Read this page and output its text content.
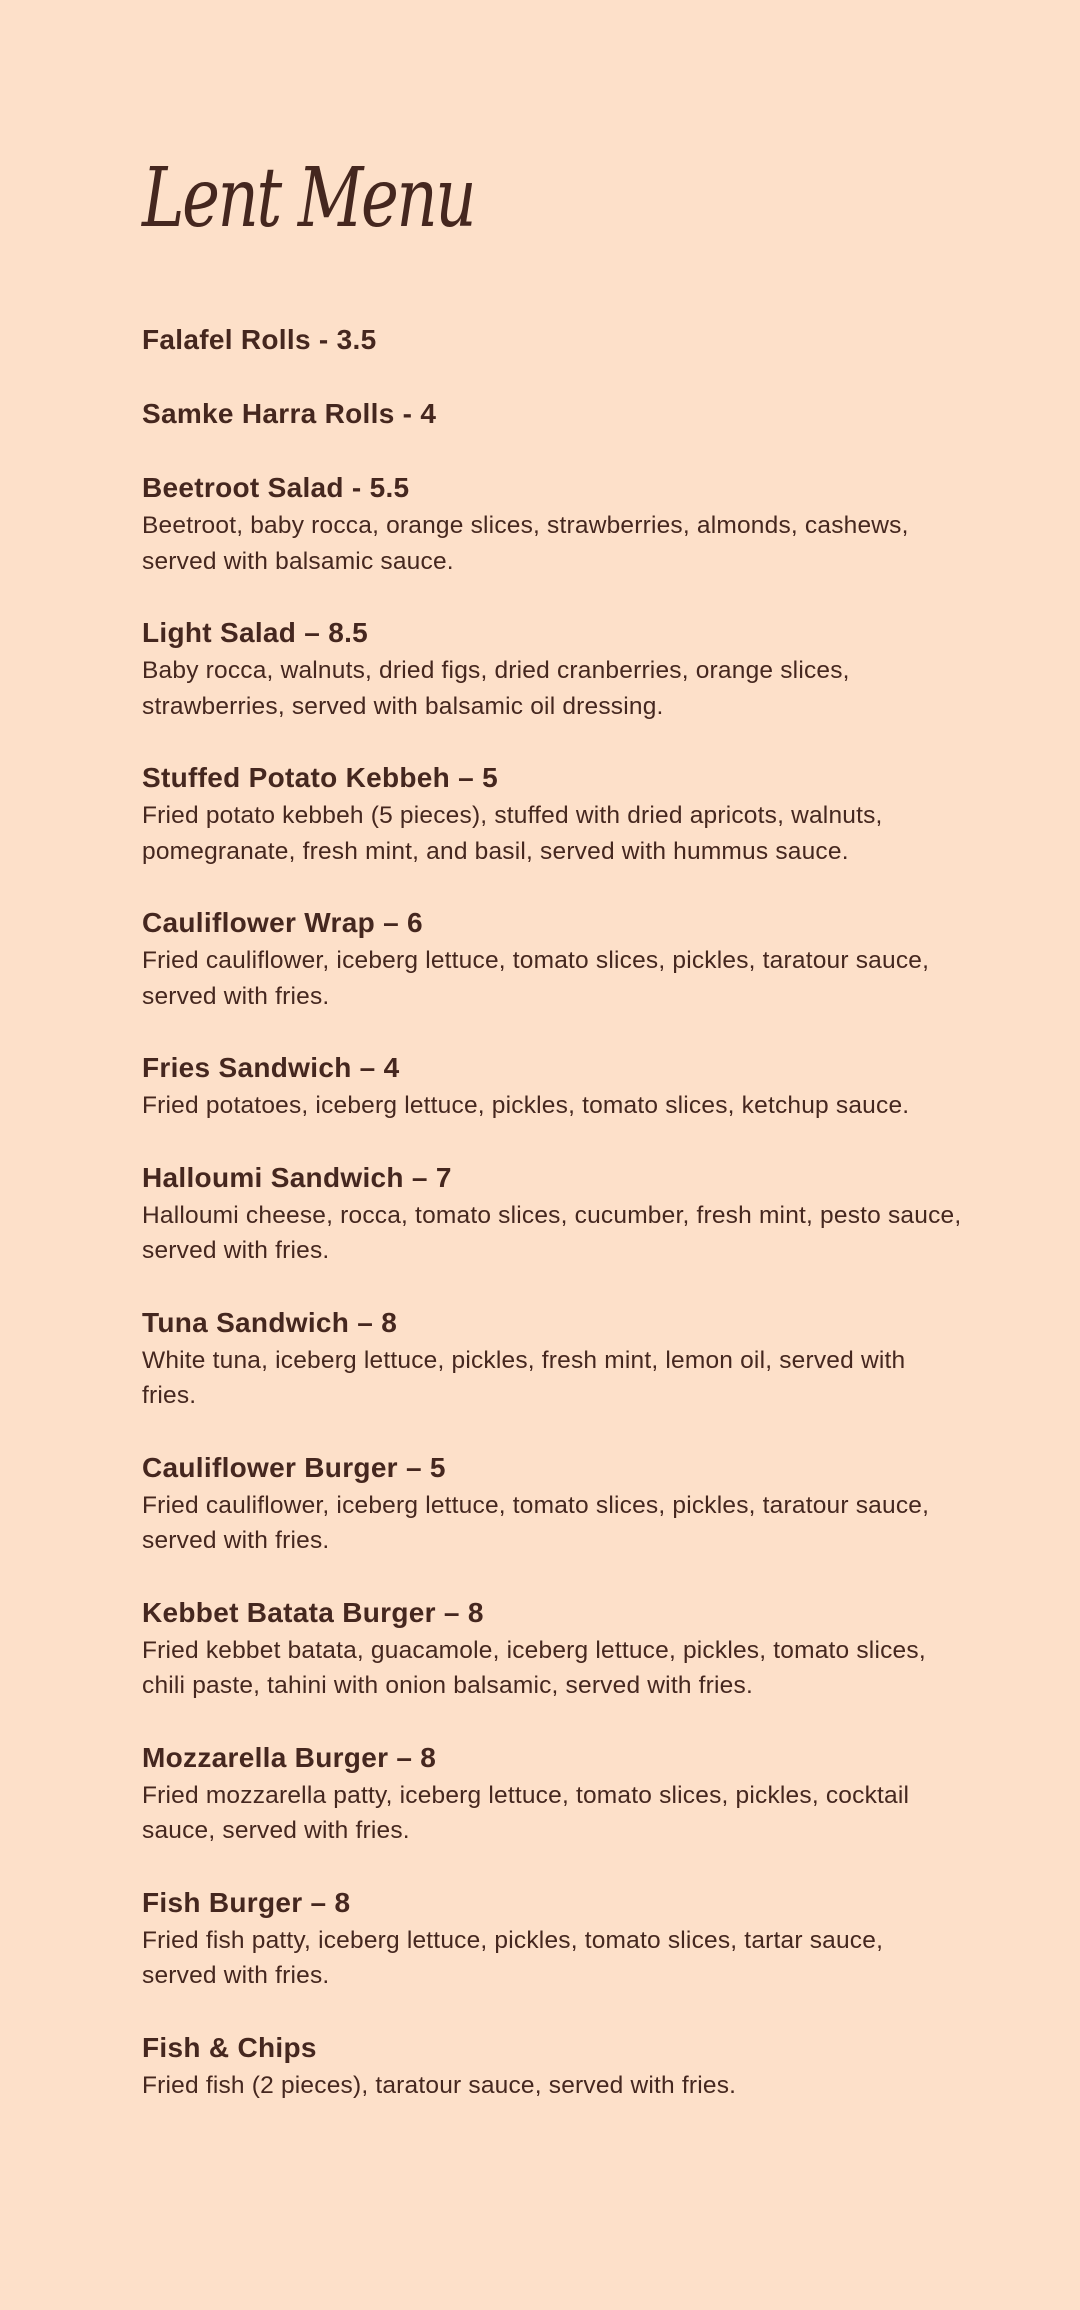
Lent Menu
Falafel Rolls - 3.5
Samke Harra Rolls - 4
Beetroot Salad - 5.5
Beetroot, baby rocca, orange slices, strawberries, almonds, cashews, served with balsamic sauce.
Light Salad – 8.5
Baby rocca, walnuts, dried figs, dried cranberries, orange slices, strawberries, served with balsamic oil dressing.
Stuffed Potato Kebbeh – 5
Fried potato kebbeh (5 pieces), stuffed with dried apricots, walnuts, pomegranate, fresh mint, and basil, served with hummus sauce.
Cauliflower Wrap – 6
Fried cauliflower, iceberg lettuce, tomato slices, pickles, taratour sauce, served with fries.
Fries Sandwich – 4
Fried potatoes, iceberg lettuce, pickles, tomato slices, ketchup sauce.
Halloumi Sandwich – 7
Halloumi cheese, rocca, tomato slices, cucumber, fresh mint, pesto sauce, served with fries.
Tuna Sandwich – 8
White tuna, iceberg lettuce, pickles, fresh mint, lemon oil, served with fries.
Cauliflower Burger – 5
Fried cauliflower, iceberg lettuce, tomato slices, pickles, taratour sauce, served with fries.
Kebbet Batata Burger – 8
Fried kebbet batata, guacamole, iceberg lettuce, pickles, tomato slices, chili paste, tahini with onion balsamic, served with fries.
Mozzarella Burger – 8
Fried mozzarella patty, iceberg lettuce, tomato slices, pickles, cocktail sauce, served with fries.
Fish Burger – 8
Fried fish patty, iceberg lettuce, pickles, tomato slices, tartar sauce, served with fries.
Fish & Chips
Fried fish (2 pieces), taratour sauce, served with fries.
